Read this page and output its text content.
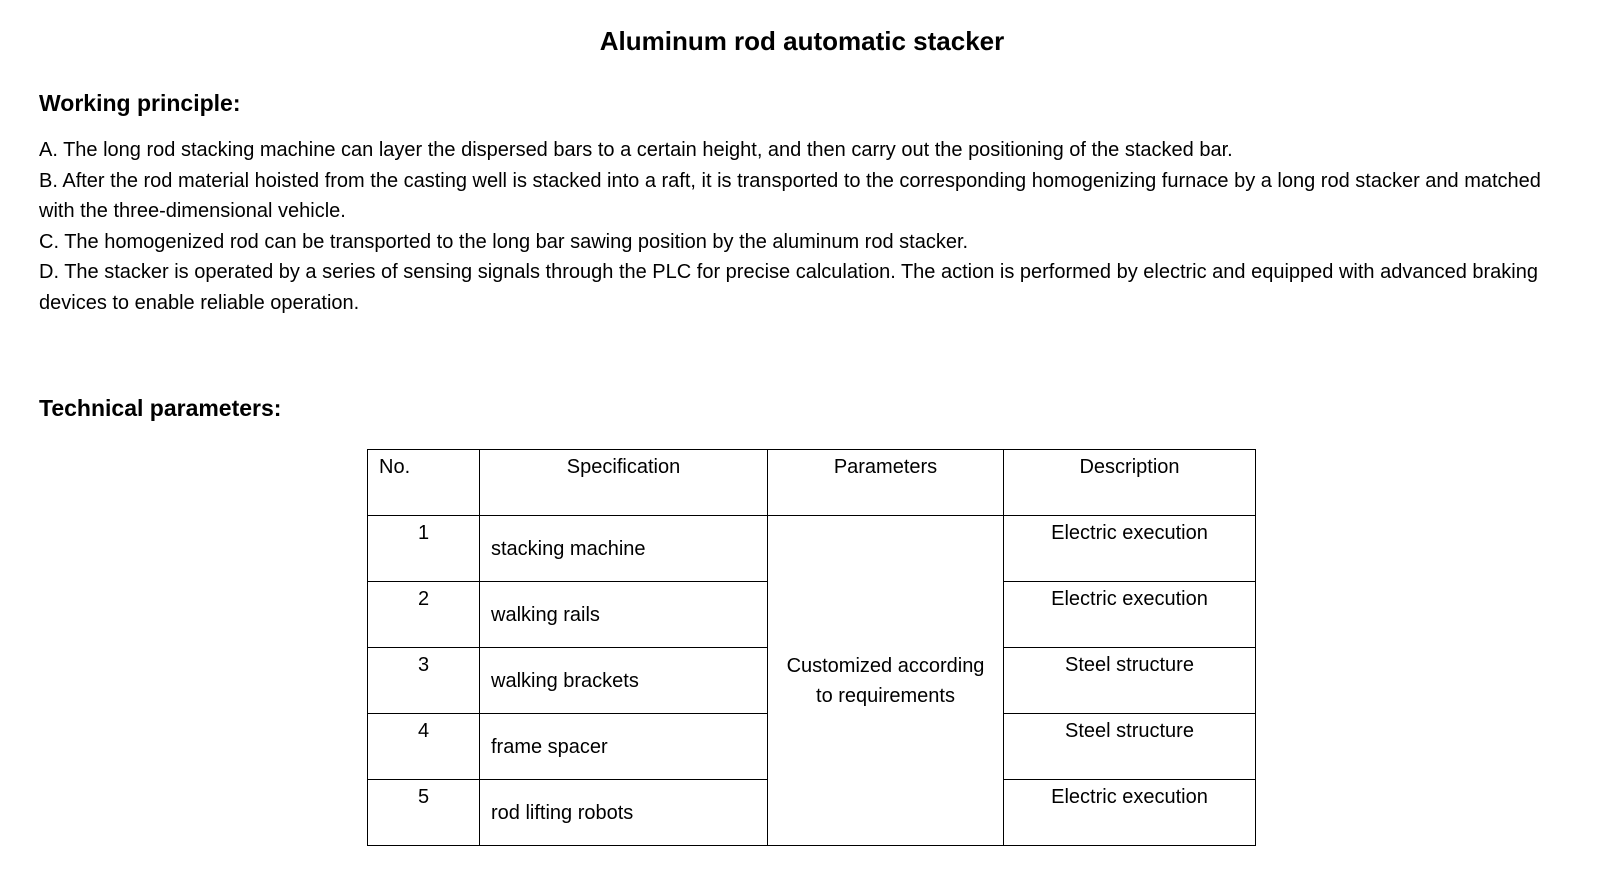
Aluminum rod automatic stacker
Working principle:

A. The long rod stacking machine can layer the dispersed bars to a certain height, and then carry out the positioning of the stacked bar.

B. After the rod material hoisted from the casting well is stacked into a raft, it is transported to the corresponding homogenizing furnace by a long rod stacker and matched with the three-dimensional vehicle.

C. The homogenized rod can be transported to the long bar sawing position by the aluminum rod stacker.

D. The stacker is operated by a series of sensing signals through the PLC for precise calculation. The action is performed by electric and equipped with advanced braking devices to enable reliable operation.

Technical parameters:
No.	Specification	Parameters	Description
1	stacking machine	Customized according to requirements	Electric execution
2	walking rails		Electric execution
3	walking brackets		Steel structure
4	frame spacer		Steel structure
5	rod lifting robots		Electric execution
